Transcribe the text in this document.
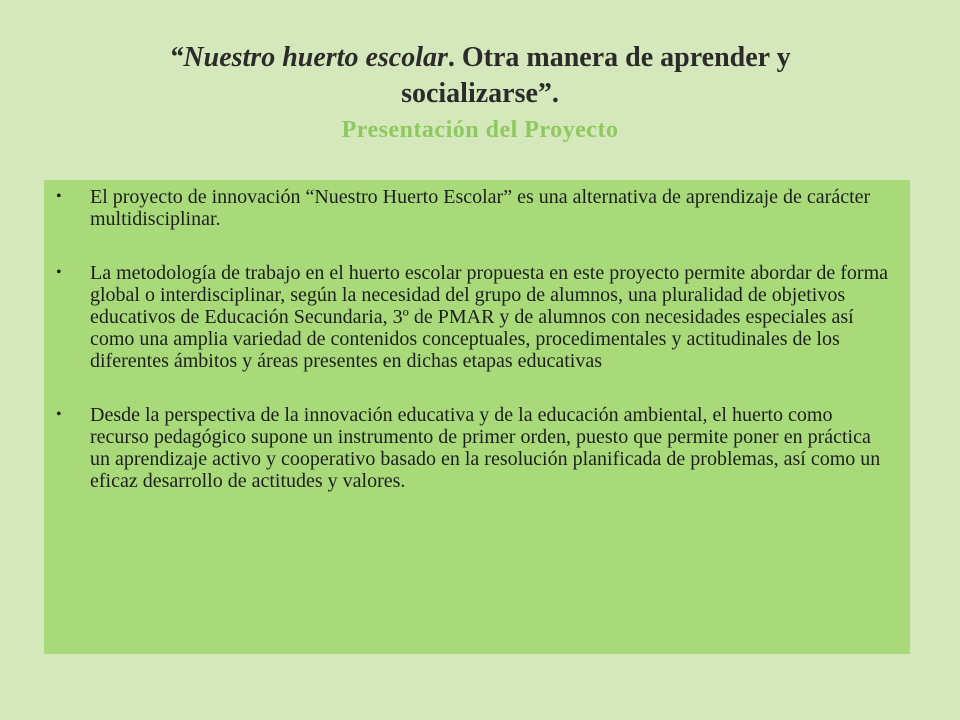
“Nuestro huerto escolar. Otra manera de aprender y
socializarse”.
Presentación del Proyecto
•	El proyecto de innovación “Nuestro Huerto Escolar” es una alternativa de aprendizaje de carácter multidisciplinar.
•	La metodología de trabajo en el huerto escolar propuesta en este proyecto permite abordar de forma global o interdisciplinar, según la necesidad del grupo de alumnos, una pluralidad de objetivos educativos de Educación Secundaria, 3º de PMAR y de alumnos con necesidades especiales así como una amplia variedad de contenidos conceptuales, procedimentales y actitudinales de los diferentes ámbitos y áreas presentes en dichas etapas educativas
•	Desde la perspectiva de la innovación educativa y de la educación ambiental, el huerto como recurso pedagógico supone un instrumento de primer orden, puesto que permite poner en práctica un aprendizaje activo y cooperativo basado en la resolución planificada de problemas, así como un eficaz desarrollo de actitudes y valores.
